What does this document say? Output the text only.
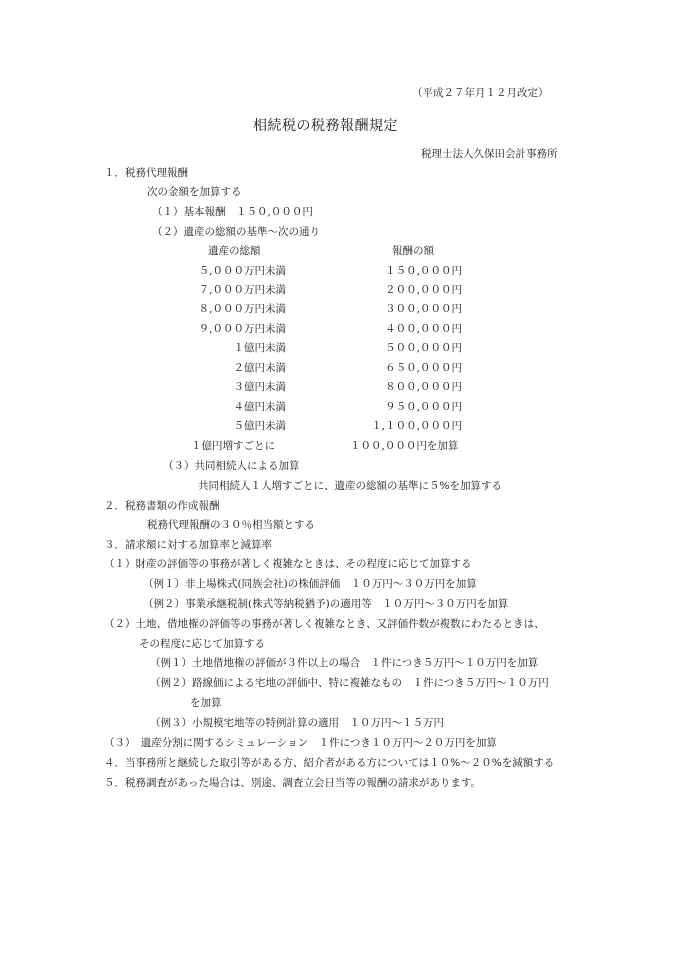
（平成２７年月１２月改定）
相続税の税務報酬規定
税理士法人久保田会計事務所
１．税務代理報酬
次の金額を加算する
（１）基本報酬　１５０,０００円
（２）遺産の総額の基準～次の通り
遺産の総額	報酬の額
５,０００万円未満	１５０,０００円
７,０００万円未満	２００,０００円
８,０００万円未満	３００,０００円
９,０００万円未満	４００,０００円
１億円未満	５００,０００円
２億円未満	６５０,０００円
３億円未満	８００,０００円
４億円未満	９５０,０００円
５億円未満	１,１００,０００円
１億円増すごとに	１００,０００円を加算
（３）共同相続人による加算
共同相続人１人増すごとに、遺産の総額の基準に５%を加算する
２．税務書類の作成報酬
税務代理報酬の３０％相当額とする
３．請求額に対する加算率と減算率
（１）財産の評価等の事務が著しく複雑なときは、その程度に応じて加算する
（例１）非上場株式(同族会社)の株価評価　１０万円～３０万円を加算
（例２）事業承継税制(株式等納税猶予)の適用等　１０万円～３０万円を加算
（２）土地、借地権の評価等の事務が著しく複雑なとき、又評価件数が複数にわたるときは、
その程度に応じて加算する
（例１）土地借地権の評価が３件以上の場合　１件につき５万円～１０万円を加算
（例２）路線価による宅地の評価中、特に複雑なもの　１件につき５万円～１０万円
を加算
（例３）小規模宅地等の特例計算の適用　１０万円～１５万円
（３）　遺産分割に関するシミュレーション　１件につき１０万円～２０万円を加算
４．当事務所と継続した取引等がある方、紹介者がある方については１０%～２０%を減額する
５．税務調査があった場合は、別途、調査立会日当等の報酬の請求があります。
